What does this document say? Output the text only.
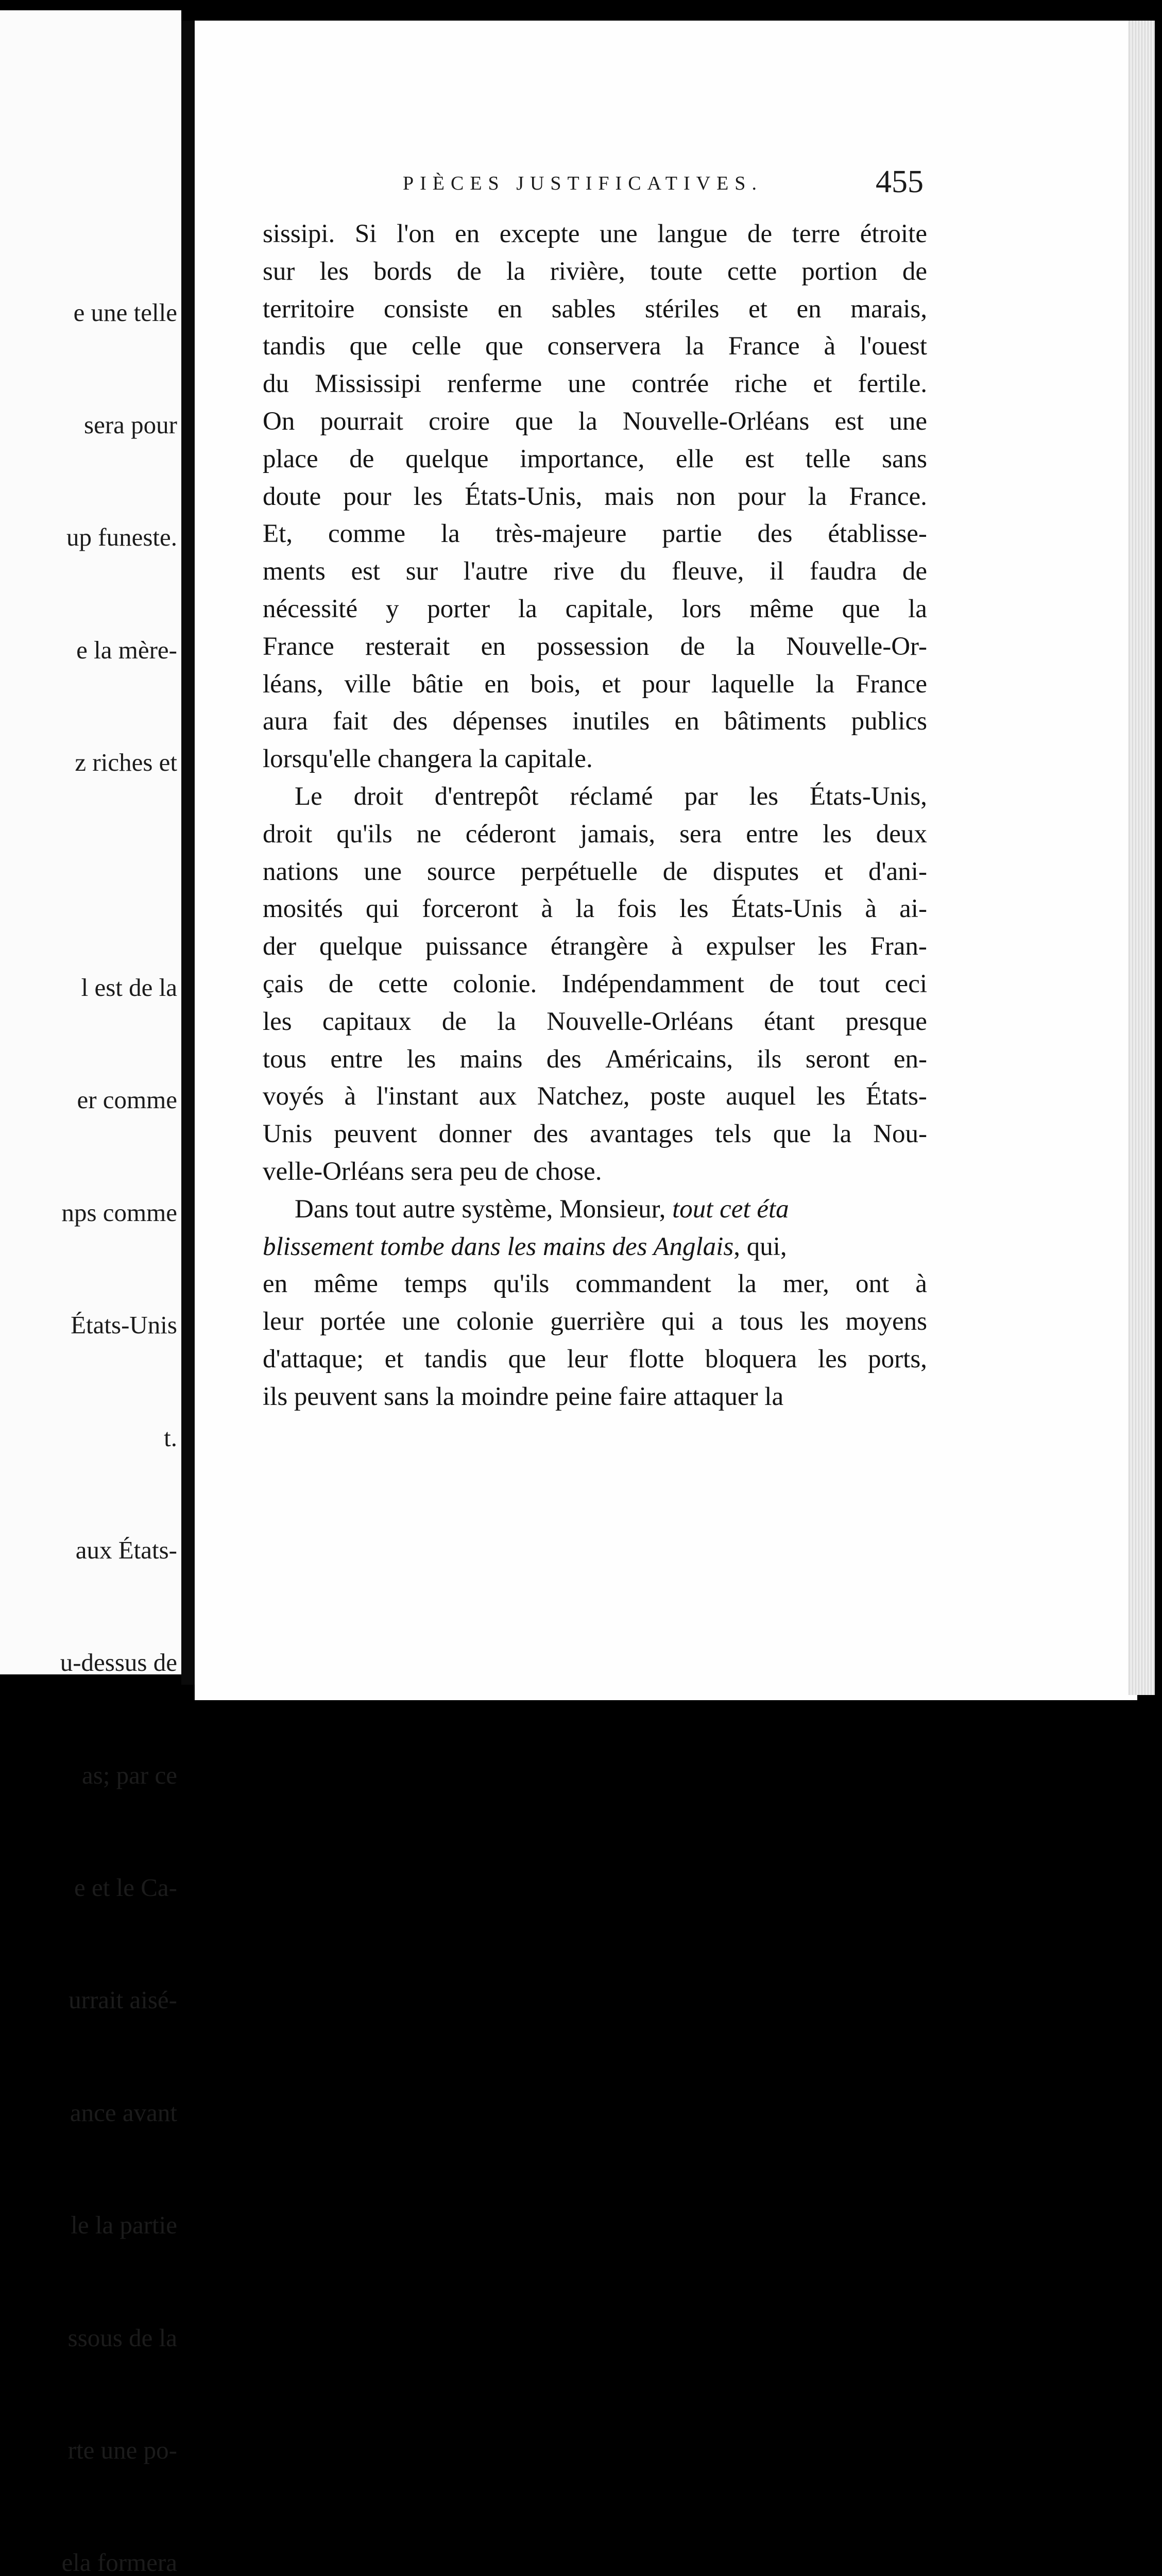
e une telle

sera pour

up funeste.

e la mère-

z riches et

l est de la

er comme

nps comme

États-Unis

t.

aux États-

u-dessus de

as; par ce

e et le Ca-

urrait aisé-

ance avant

le la partie

ssous de la

rte une po-

ela formera

PIÈCES JUSTIFICATIVES.	455
sissipi. Si l'on en excepte une langue de terre étroite
sur les bords de la rivière, toute cette portion de
territoire consiste en sables stériles et en marais,
tandis que celle que conservera la France à l'ouest
du Mississipi renferme une contrée riche et fertile.
On pourrait croire que la Nouvelle-Orléans est une
place de quelque importance, elle est telle sans
doute pour les États-Unis, mais non pour la France.
Et, comme la très-majeure partie des établisse-
ments est sur l'autre rive du fleuve, il faudra de
nécessité y porter la capitale, lors même que la
France resterait en possession de la Nouvelle-Or-
léans, ville bâtie en bois, et pour laquelle la France
aura fait des dépenses inutiles en bâtiments publics
lorsqu'elle changera la capitale.
Le droit d'entrepôt réclamé par les États-Unis,
droit qu'ils ne céderont jamais, sera entre les deux
nations une source perpétuelle de disputes et d'ani-
mosités qui forceront à la fois les États-Unis à ai-
der quelque puissance étrangère à expulser les Fran-
çais de cette colonie. Indépendamment de tout ceci
les capitaux de la Nouvelle-Orléans étant presque
tous entre les mains des Américains, ils seront en-
voyés à l'instant aux Natchez, poste auquel les États-
Unis peuvent donner des avantages tels que la Nou-
velle-Orléans sera peu de chose.
Dans tout autre système, Monsieur, tout cet éta
blissement tombe dans les mains des Anglais , qui,
en même temps qu'ils commandent la mer, ont à
leur portée une colonie guerrière qui a tous les moyens
d'attaque; et tandis que leur flotte bloquera les ports,
ils peuvent sans la moindre peine faire attaquer la
